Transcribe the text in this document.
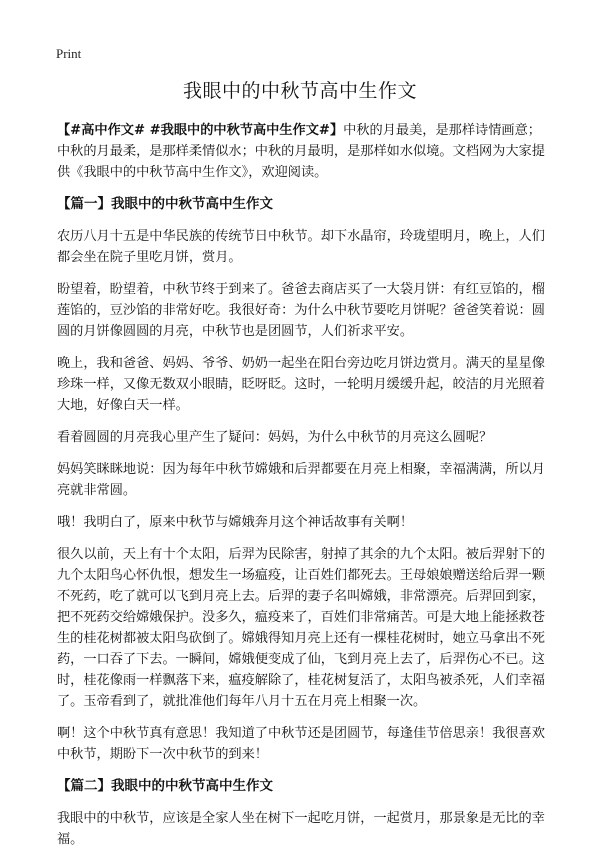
Print
我眼中的中秋节高中生作文

【#高中作文# #我眼中的中秋节高中生作文#】中秋的月最美，是那样诗情画意；中秋的月最柔，是那样柔情似水；中秋的月最明，是那样如水似境。文档网为大家提供《我眼中的中秋节高中生作文》，欢迎阅读。

【篇一】我眼中的中秋节高中生作文

农历八月十五是中华民族的传统节日中秋节。却下水晶帘，玲珑望明月，晚上，人们都会坐在院子里吃月饼，赏月。

盼望着，盼望着，中秋节终于到来了。爸爸去商店买了一大袋月饼：有红豆馅的，榴莲馅的，豆沙馅的非常好吃。我很好奇：为什么中秋节要吃月饼呢？爸爸笑着说：圆圆的月饼像圆圆的月亮，中秋节也是团圆节，人们祈求平安。

晚上，我和爸爸、妈妈、爷爷、奶奶一起坐在阳台旁边吃月饼边赏月。满天的星星像珍珠一样，又像无数双小眼睛，眨呀眨。这时，一轮明月缓缓升起，皎洁的月光照着大地，好像白天一样。

看着圆圆的月亮我心里产生了疑问：妈妈，为什么中秋节的月亮这么圆呢？

妈妈笑眯眯地说：因为每年中秋节嫦娥和后羿都要在月亮上相聚，幸福满满，所以月亮就非常圆。

哦！我明白了，原来中秋节与嫦娥奔月这个神话故事有关啊！

很久以前，天上有十个太阳，后羿为民除害，射掉了其余的九个太阳。被后羿射下的九个太阳鸟心怀仇恨，想发生一场瘟疫，让百姓们都死去。王母娘娘赠送给后羿一颗不死药，吃了就可以飞到月亮上去。后羿的妻子名叫嫦娥，非常漂亮。后羿回到家，把不死药交给嫦娥保护。没多久，瘟疫来了，百姓们非常痛苦。可是大地上能拯救苍生的桂花树都被太阳鸟砍倒了。嫦娥得知月亮上还有一棵桂花树时，她立马拿出不死药，一口吞了下去。一瞬间，嫦娥便变成了仙，飞到月亮上去了，后羿伤心不已。这时，桂花像雨一样飘落下来，瘟疫解除了，桂花树复活了，太阳鸟被杀死，人们幸福了。玉帝看到了，就批准他们每年八月十五在月亮上相聚一次。

啊！这个中秋节真有意思！我知道了中秋节还是团圆节，每逢佳节倍思亲！我很喜欢中秋节，期盼下一次中秋节的到来！

【篇二】我眼中的中秋节高中生作文

我眼中的中秋节，应该是全家人坐在树下一起吃月饼，一起赏月，那景象是无比的幸福。
